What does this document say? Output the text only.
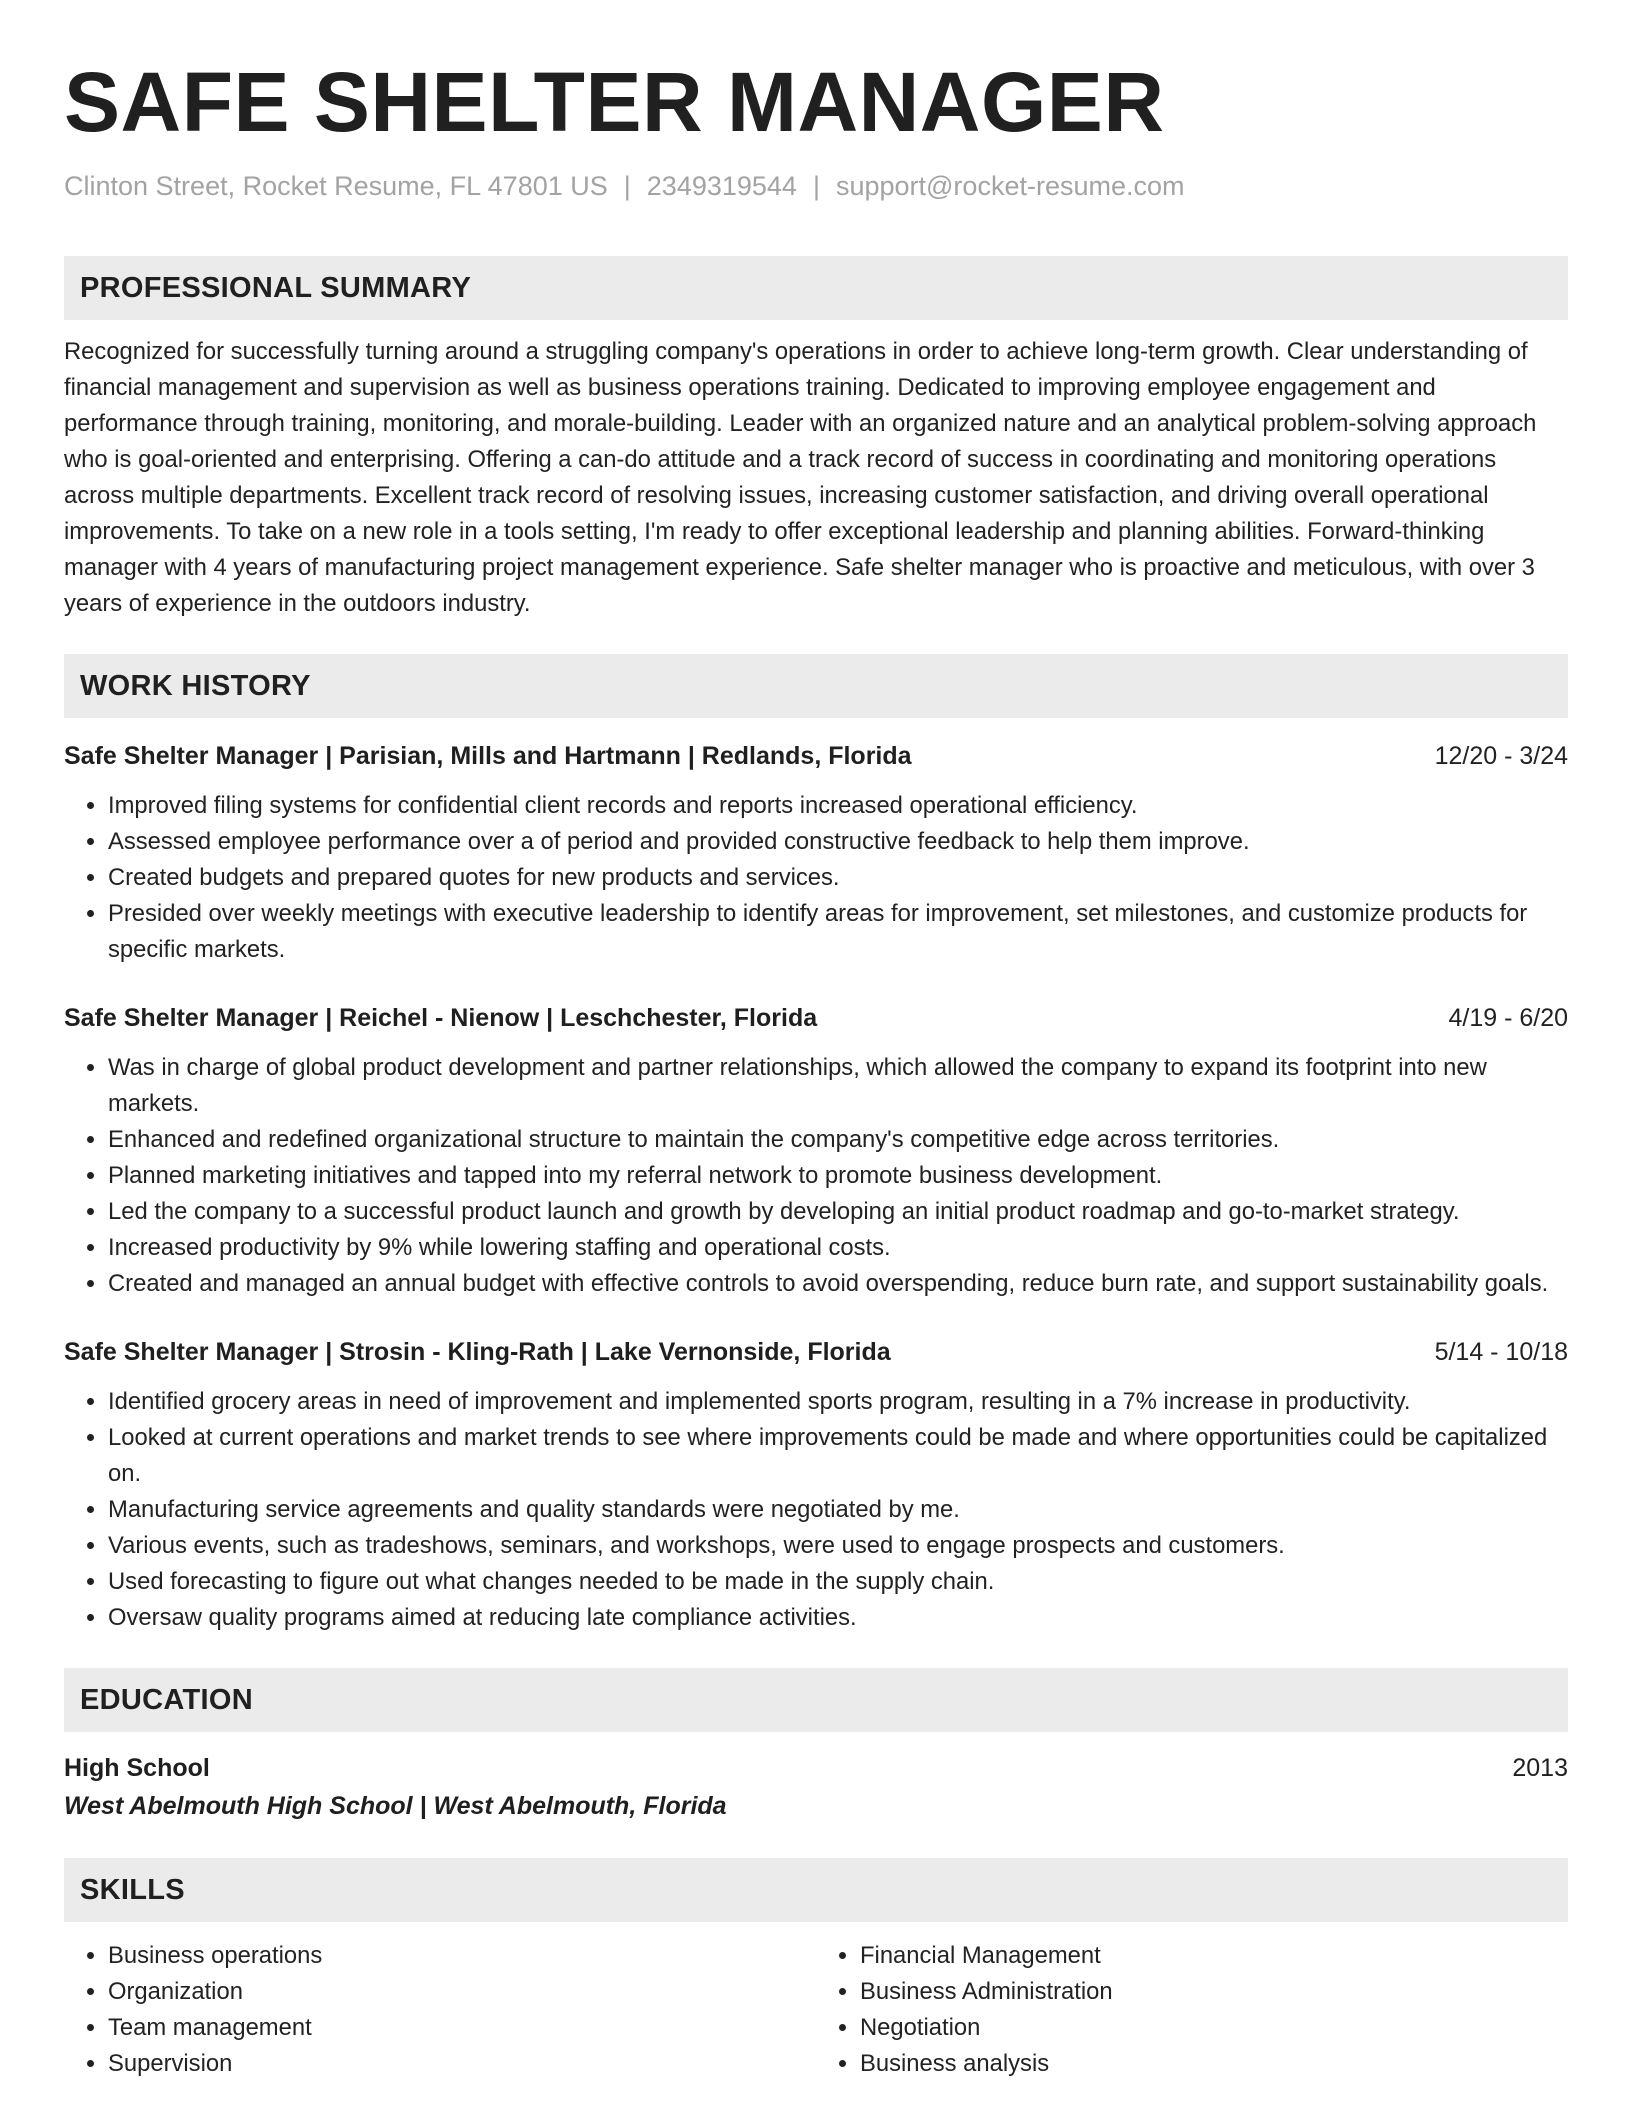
SAFE SHELTER MANAGER
Clinton Street, Rocket Resume, FL 47801 US | 2349319544 | support@rocket-resume.com
PROFESSIONAL SUMMARY
Recognized for successfully turning around a struggling company's operations in order to achieve long-term growth. Clear understanding of financial management and supervision as well as business operations training. Dedicated to improving employee engagement and performance through training, monitoring, and morale-building. Leader with an organized nature and an analytical problem-solving approach who is goal-oriented and enterprising. Offering a can-do attitude and a track record of success in coordinating and monitoring operations across multiple departments. Excellent track record of resolving issues, increasing customer satisfaction, and driving overall operational improvements. To take on a new role in a tools setting, I'm ready to offer exceptional leadership and planning abilities. Forward-thinking manager with 4 years of manufacturing project management experience. Safe shelter manager who is proactive and meticulous, with over 3 years of experience in the outdoors industry.
WORK HISTORY
Safe Shelter Manager | Parisian, Mills and Hartmann | Redlands, Florida	12/20 - 3/24
• Improved filing systems for confidential client records and reports increased operational efficiency.
• Assessed employee performance over a of period and provided constructive feedback to help them improve.
• Created budgets and prepared quotes for new products and services.
• Presided over weekly meetings with executive leadership to identify areas for improvement, set milestones, and customize products for specific markets.
Safe Shelter Manager | Reichel - Nienow | Leschchester, Florida	4/19 - 6/20
• Was in charge of global product development and partner relationships, which allowed the company to expand its footprint into new markets.
• Enhanced and redefined organizational structure to maintain the company's competitive edge across territories.
• Planned marketing initiatives and tapped into my referral network to promote business development.
• Led the company to a successful product launch and growth by developing an initial product roadmap and go-to-market strategy.
• Increased productivity by 9% while lowering staffing and operational costs.
• Created and managed an annual budget with effective controls to avoid overspending, reduce burn rate, and support sustainability goals.
Safe Shelter Manager | Strosin - Kling-Rath | Lake Vernonside, Florida	5/14 - 10/18
• Identified grocery areas in need of improvement and implemented sports program, resulting in a 7% increase in productivity.
• Looked at current operations and market trends to see where improvements could be made and where opportunities could be capitalized on.
• Manufacturing service agreements and quality standards were negotiated by me.
• Various events, such as tradeshows, seminars, and workshops, were used to engage prospects and customers.
• Used forecasting to figure out what changes needed to be made in the supply chain.
• Oversaw quality programs aimed at reducing late compliance activities.
EDUCATION
High School	2013
West Abelmouth High School | West Abelmouth, Florida
SKILLS
• Business operations
• Organization
• Team management
• Supervision
• Financial Management
• Business Administration
• Negotiation
• Business analysis
